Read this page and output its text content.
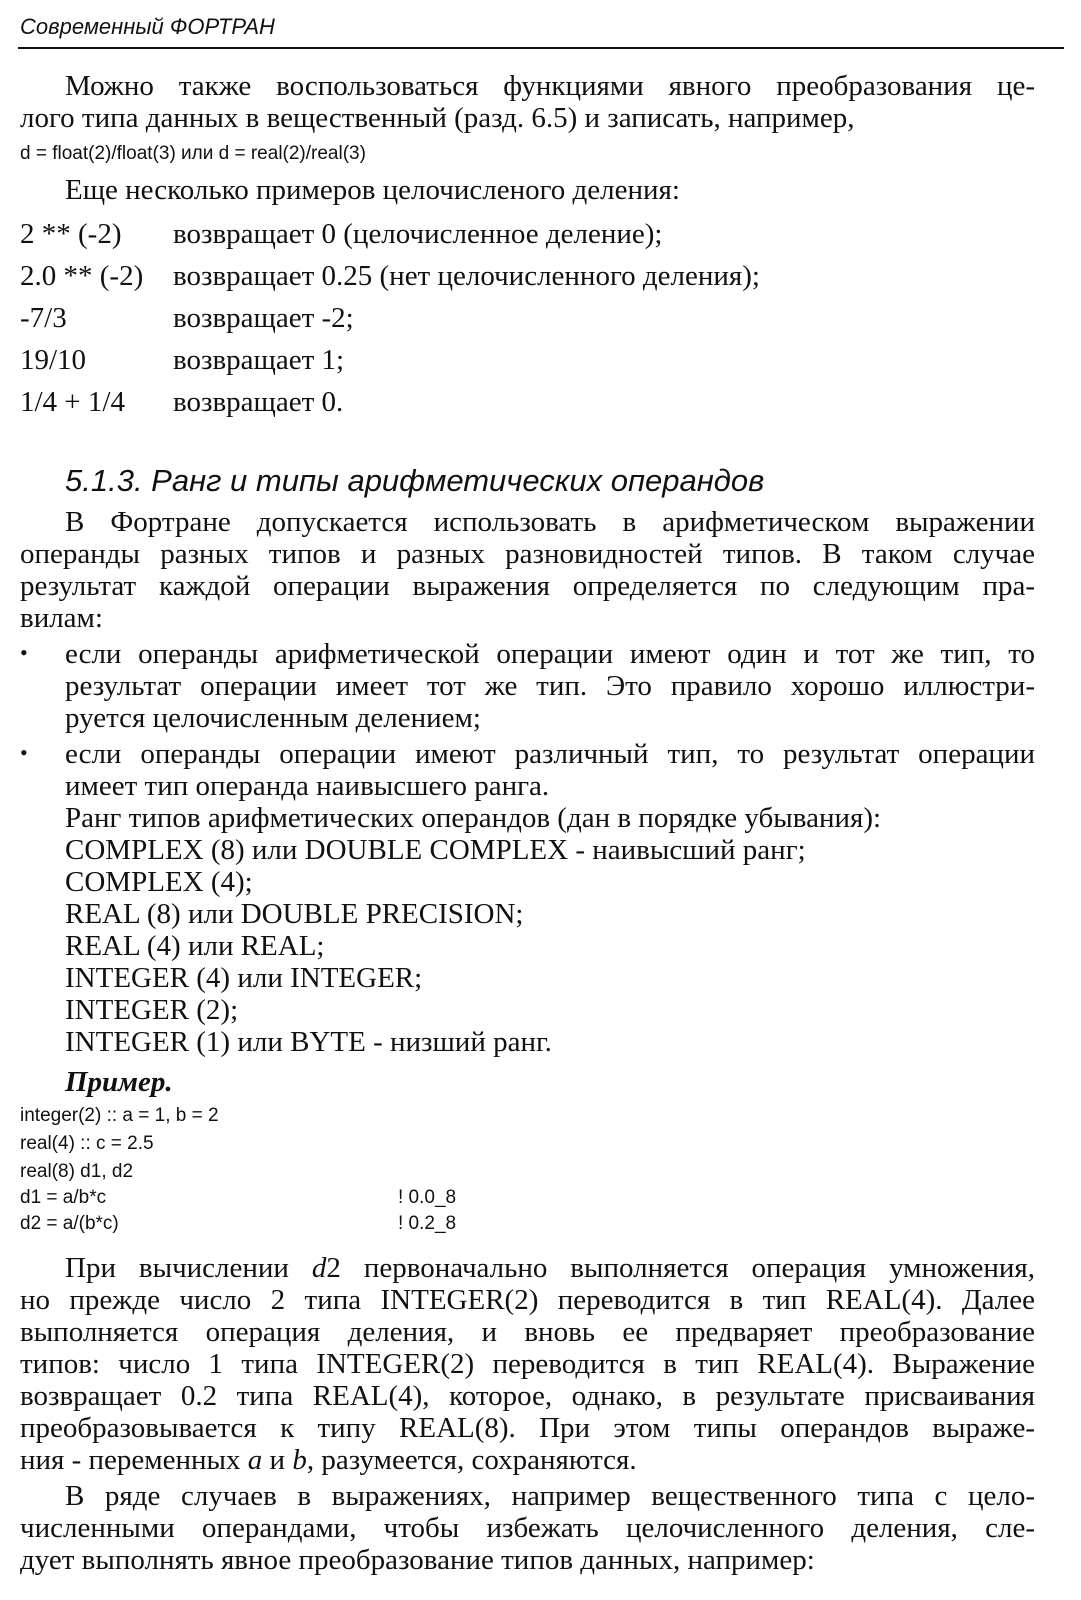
Современный ФОРТРАН
Можно также воспользоваться функциями явного преобразования це-
лого типа данных в вещественный (разд. 6.5) и записать, например,
d = float(2)/float(3) или d = real(2)/real(3)
Еще несколько примеров целочисленого деления:
2 ** (-2) возвращает 0 (целочисленное деление);
2.0 ** (-2) возвращает 0.25 (нет целочисленного деления);
-7/3	возвращает -2;
19/10	возвращает 1;
1/4 + 1/4 возвращает 0.
5.1.3. Ранг и типы арифметических операндов
В Фортране допускается использовать в арифметическом выражении
операнды разных типов и разных разновидностей типов. В таком случае
результат каждой операции выражения определяется по следующим пра-
вилам:
• если операнды арифметической операции имеют один и тот же тип, то
результат операции имеет тот же тип. Это правило хорошо иллюстри-
руется целочисленным делением;
• если операнды операции имеют различный тип, то результат операции
имеет тип операнда наивысшего ранга.
Ранг типов арифметических операндов (дан в порядке убывания):
COMPLEX (8) или DOUBLE COMPLEX - наивысший ранг;
COMPLEX (4);
REAL (8) или DOUBLE PRECISION;
REAL (4) или REAL;
INTEGER (4) или INTEGER;
INTEGER (2);
INTEGER (1) или BYTE - низший ранг.
Пример.
integer(2) :: a = 1, b = 2
real(4) :: c = 2.5
real(8) d1, d2
d1 = a/b*c	! 0.0_8
d2 = a/(b*c)	! 0.2_8
При вычислении d2 первоначально выполняется операция умножения,
но прежде число 2 типа INTEGER(2) переводится в тип REAL(4). Далее
выполняется операция деления, и вновь ее предваряет преобразование
типов: число 1 типа INTEGER(2) переводится в тип REAL(4). Выражение
возвращает 0.2 типа REAL(4), которое, однако, в результате присваивания
преобразовывается к типу REAL(8). При этом типы операндов выраже-
ния - переменных a и b, разумеется, сохраняются.
В ряде случаев в выражениях, например вещественного типа с цело-
численными операндами, чтобы избежать целочисленного деления, сле-
дует выполнять явное преобразование типов данных, например:
